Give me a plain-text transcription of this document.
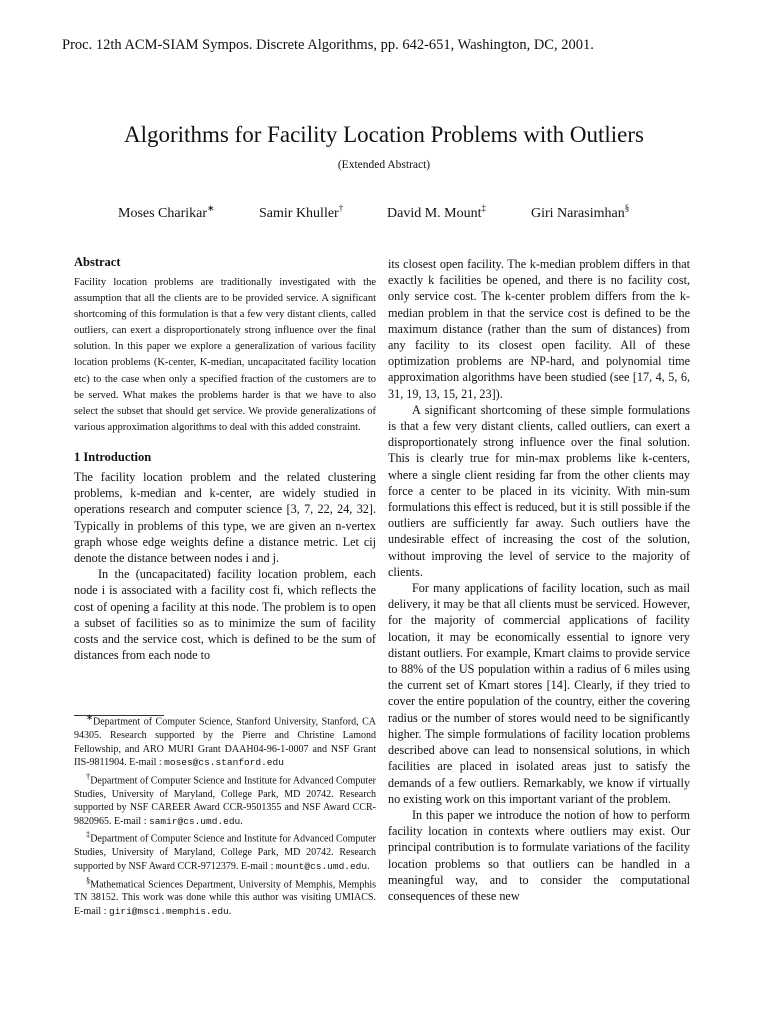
Proc. 12th ACM-SIAM Sympos. Discrete Algorithms, pp. 642-651, Washington, DC, 2001.
Algorithms for Facility Location Problems with Outliers
(Extended Abstract)
Moses Charikar∗	Samir Khuller†	David M. Mount‡	Giri Narasimhan§
Abstract

Facility location problems are traditionally investigated with the assumption that all the clients are to be provided service. A significant shortcoming of this formulation is that a few very distant clients, called outliers, can exert a disproportionately strong influence over the final solution. In this paper we explore a generalization of various facility location problems (K-center, K-median, uncapacitated facility location etc) to the case when only a specified fraction of the customers are to be served. What makes the problems harder is that we have to also select the subset that should get service. We provide generalizations of various approximation algorithms to deal with this added constraint.

1 Introduction

The facility location problem and the related clustering problems, k-median and k-center, are widely studied in operations research and computer science [3, 7, 22, 24, 32]. Typically in problems of this type, we are given an n-vertex graph whose edge weights define a distance metric. Let cij denote the distance between nodes i and j.

In the (uncapacitated) facility location problem, each node i is associated with a facility cost fi, which reflects the cost of opening a facility at this node. The problem is to open a subset of facilities so as to minimize the sum of facility costs and the service cost, which is defined to be the sum of distances from each node to

∗Department of Computer Science, Stanford University, Stanford, CA 94305. Research supported by the Pierre and Christine Lamond Fellowship, and ARO MURI Grant DAAH04-96-1-0007 and NSF Grant IIS-9811904. E-mail : moses@cs.stanford.edu

†Department of Computer Science and Institute for Advanced Computer Studies, University of Maryland, College Park, MD 20742. Research supported by NSF CAREER Award CCR-9501355 and NSF Award CCR-9820965. E-mail : samir@cs.umd.edu.

‡Department of Computer Science and Institute for Advanced Computer Studies, University of Maryland, College Park, MD 20742. Research supported by NSF Award CCR-9712379. E-mail : mount@cs.umd.edu.

§Mathematical Sciences Department, University of Memphis, Memphis TN 38152. This work was done while this author was visiting UMIACS. E-mail : giri@msci.memphis.edu.

its closest open facility. The k-median problem differs in that exactly k facilities be opened, and there is no facility cost, only service cost. The k-center problem differs from the k-median problem in that the service cost is defined to be the maximum distance (rather than the sum of distances) from any facility to its closest open facility. All of these optimization problems are NP-hard, and polynomial time approximation algorithms have been studied (see [17, 4, 5, 6, 31, 19, 13, 15, 21, 23]).

A significant shortcoming of these simple formulations is that a few very distant clients, called outliers, can exert a disproportionately strong influence over the final solution. This is clearly true for min-max problems like k-centers, where a single client residing far from the other clients may force a center to be placed in its vicinity. With min-sum formulations this effect is reduced, but it is still possible if the outliers are sufficiently far away. Such outliers have the undesirable effect of increasing the cost of the solution, without improving the level of service to the majority of clients.

For many applications of facility location, such as mail delivery, it may be that all clients must be serviced. However, for the majority of commercial applications of facility location, it may be economically essential to ignore very distant outliers. For example, Kmart claims to provide service to 88% of the US population within a radius of 6 miles using the current set of Kmart stores [14]. Clearly, if they tried to cover the entire population of the country, either the covering radius or the number of stores would need to be significantly higher. The simple formulations of facility location problems described above can lead to nonsensical solutions, in which facilities are placed in isolated areas just to satisfy the demands of a few outliers. Remarkably, we know if virtually no existing work on this important variant of the problem.

In this paper we introduce the notion of how to perform facility location in contexts where outliers may exist. Our principal contribution is to formulate variations of the facility location problems so that outliers can be handled in a meaningful way, and to consider the computational consequences of these new
